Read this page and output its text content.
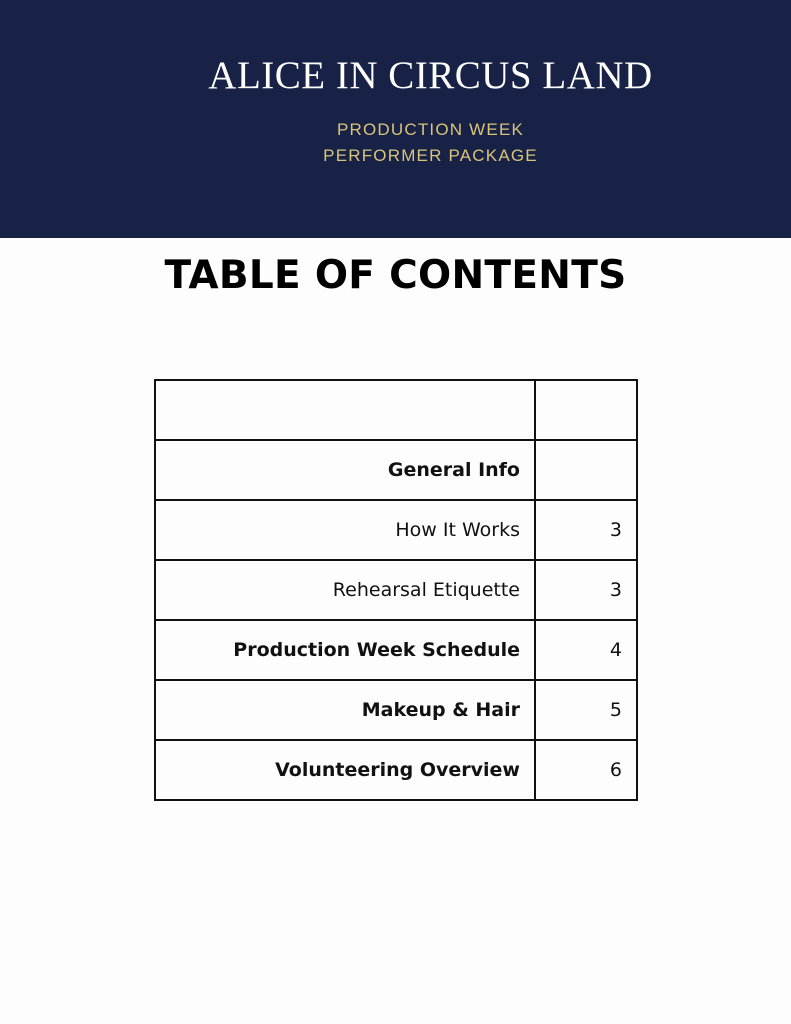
ALICE IN CIRCUS LAND
PRODUCTION WEEK
PERFORMER PACKAGE
TABLE OF CONTENTS

General Info	
How It Works	3
Rehearsal Etiquette	3
Production Week Schedule	4
Makeup & Hair	5
Volunteering Overview	6
